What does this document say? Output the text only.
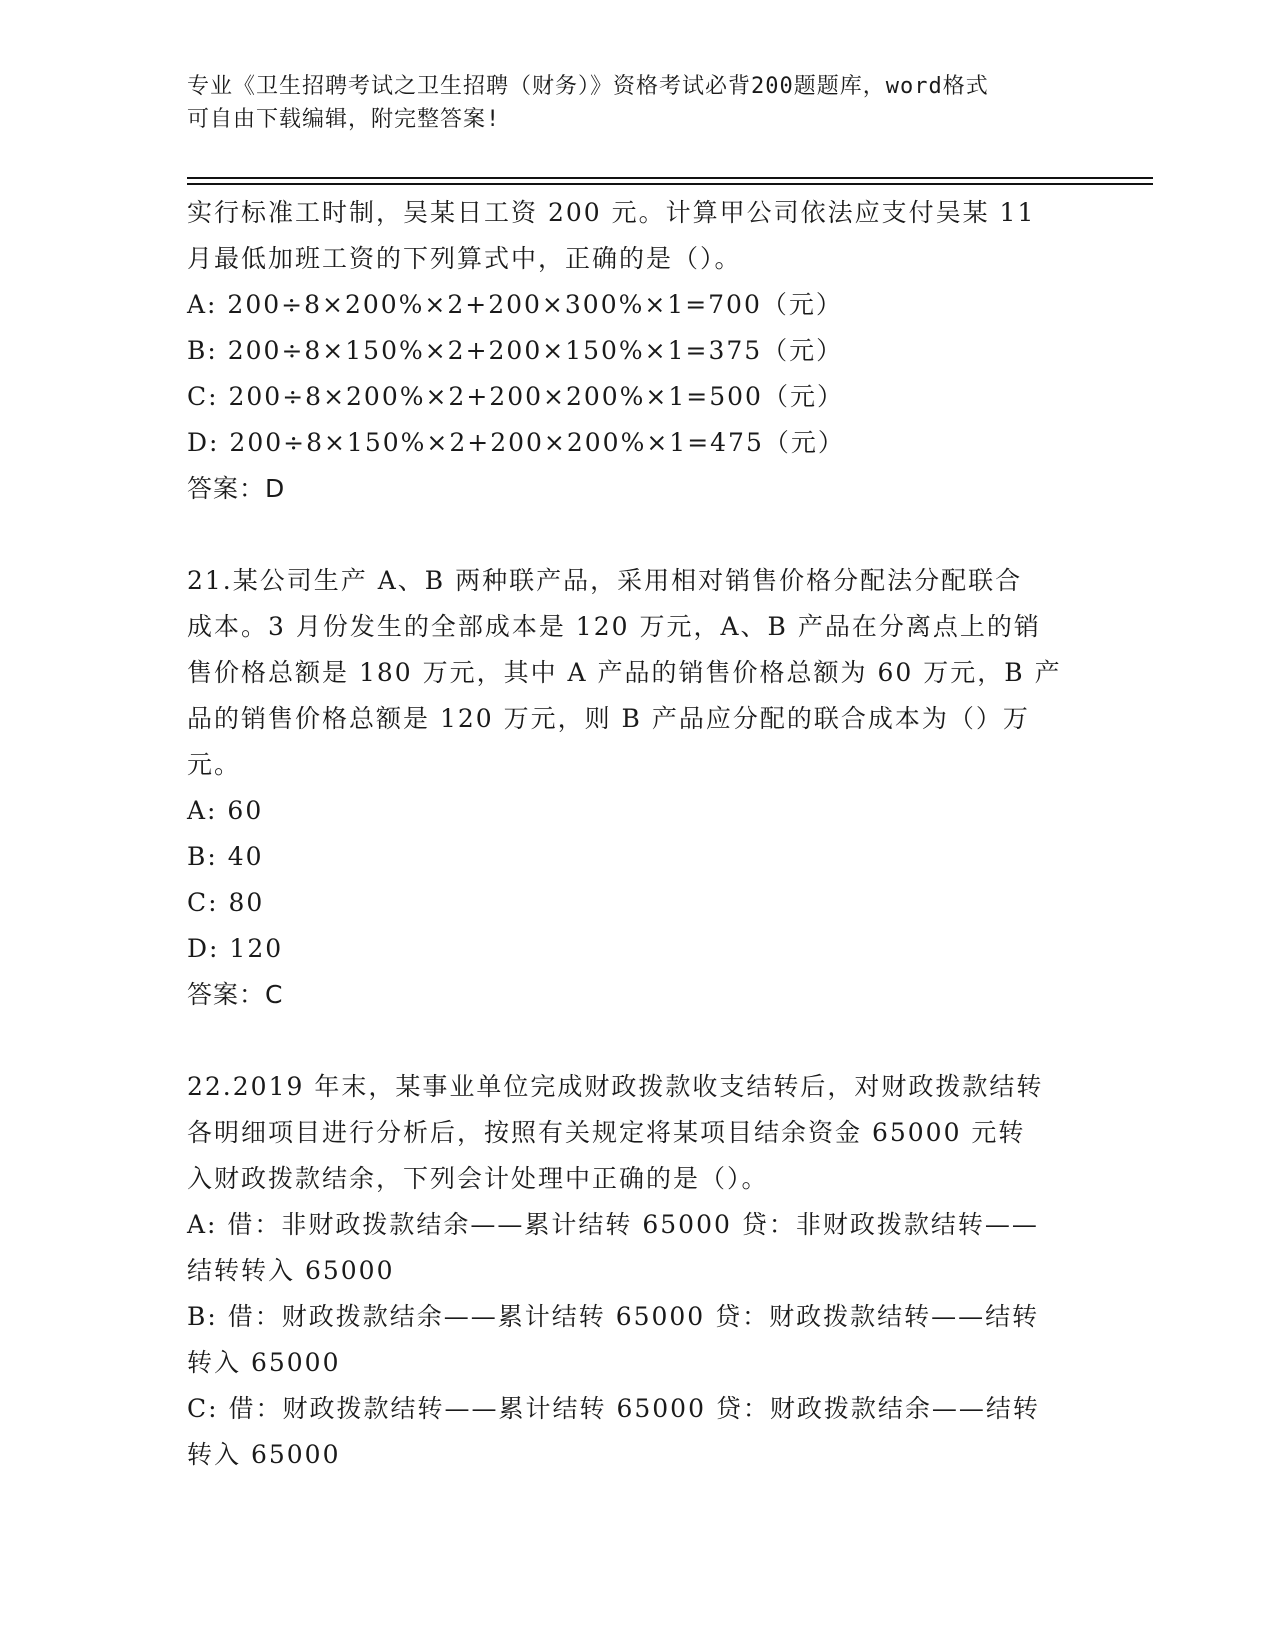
专业《卫生招聘考试之卫生招聘（财务）》资格考试必背200题题库，word格式
可自由下载编辑，附完整答案!

实行标准工时制，吴某日工资 200 元。计算甲公司依法应支付吴某 11

月最低加班工资的下列算式中，正确的是（）。

A: 200÷8×200%×2+200×300%×1=700（元）

B: 200÷8×150%×2+200×150%×1=375（元）

C: 200÷8×200%×2+200×200%×1=500（元）

D: 200÷8×150%×2+200×200%×1=475（元）

答案：D

21.某公司生产 A、B 两种联产品，采用相对销售价格分配法分配联合

成本。3 月份发生的全部成本是 120 万元，A、B 产品在分离点上的销

售价格总额是 180 万元，其中 A 产品的销售价格总额为 60 万元，B 产

品的销售价格总额是 120 万元，则 B 产品应分配的联合成本为（）万

元。

A: 60

B: 40

C: 80

D: 120

答案：C

22.2019 年末，某事业单位完成财政拨款收支结转后，对财政拨款结转

各明细项目进行分析后，按照有关规定将某项目结余资金 65000 元转

入财政拨款结余，下列会计处理中正确的是（）。

A: 借：非财政拨款结余——累计结转 65000 贷：非财政拨款结转——

结转转入 65000

B: 借：财政拨款结余——累计结转 65000 贷：财政拨款结转——结转

转入 65000

C: 借：财政拨款结转——累计结转 65000 贷：财政拨款结余——结转

转入 65000
